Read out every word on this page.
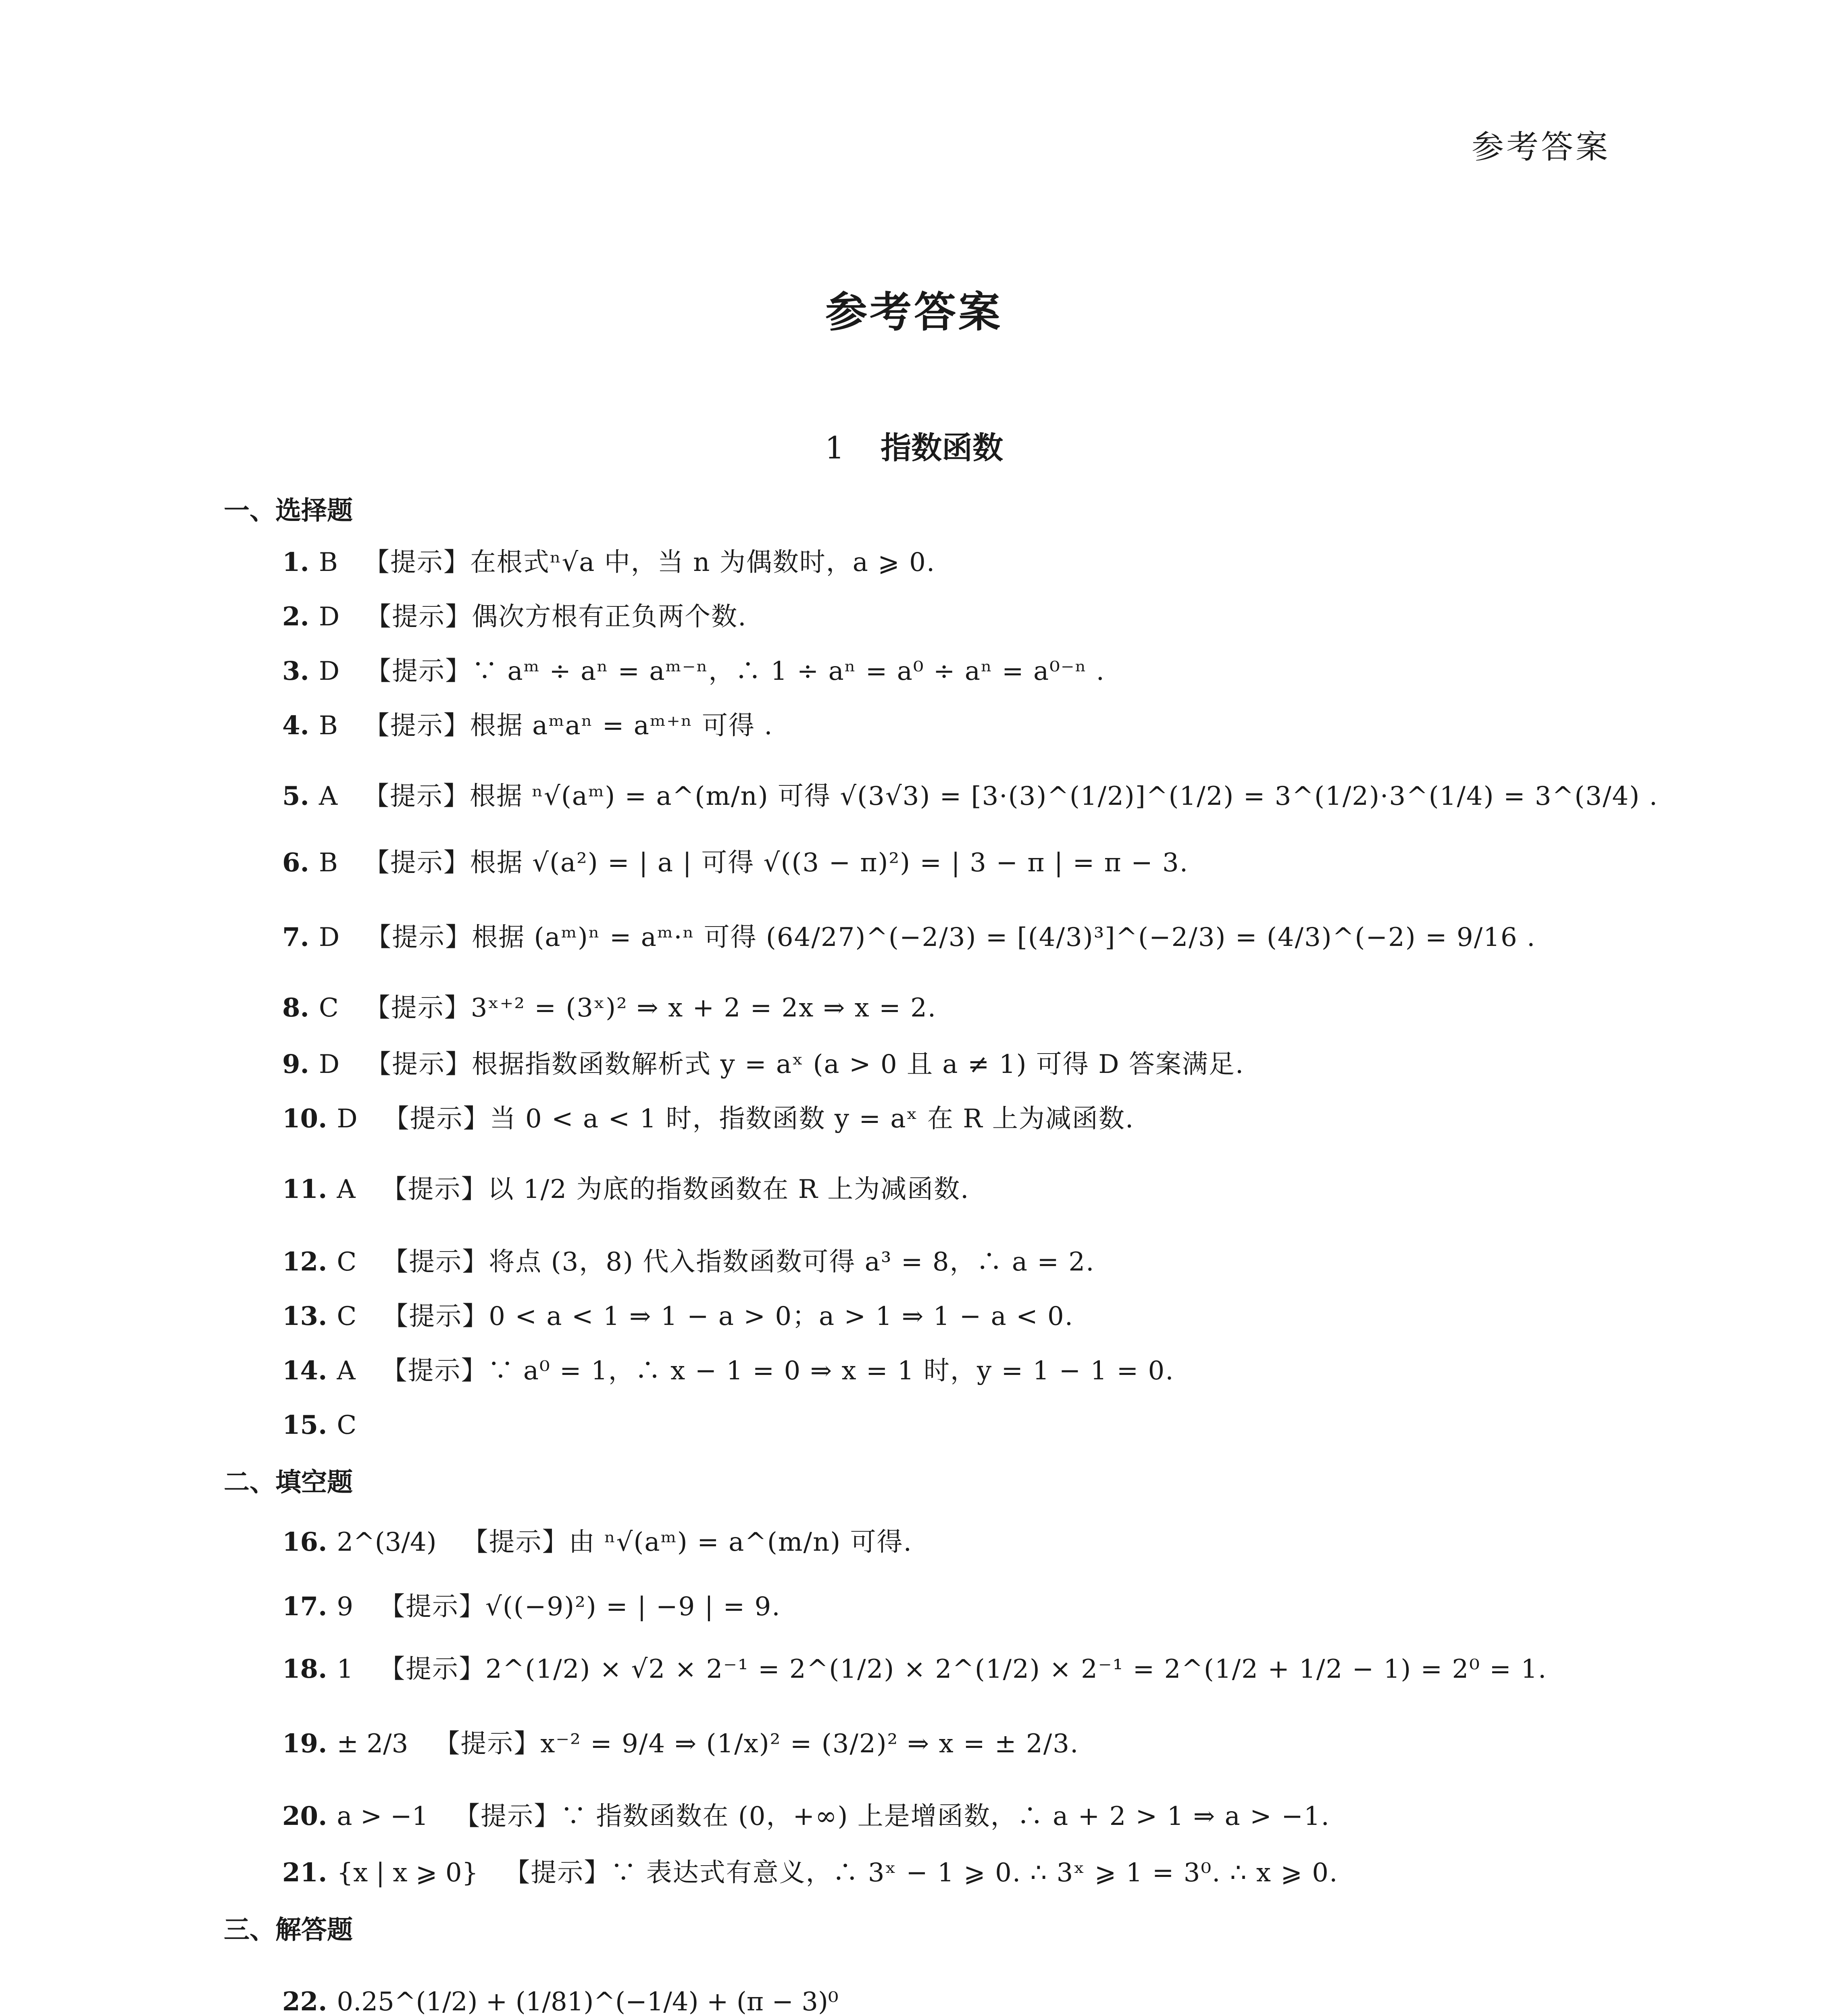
参考答案
参考答案
1 指数函数
一、选择题
1. B 【提示】在根式ⁿ√a 中，当 n 为偶数时，a ⩾ 0.
2. D 【提示】偶次方根有正负两个数.
3. D 【提示】∵ aᵐ ÷ aⁿ = aᵐ⁻ⁿ，∴ 1 ÷ aⁿ = a⁰ ÷ aⁿ = a⁰⁻ⁿ .
4. B 【提示】根据 aᵐaⁿ = aᵐ⁺ⁿ 可得 .
5. A 【提示】根据 ⁿ√(aᵐ) = a^(m/n) 可得 √(3√3) = [3·(3)^(1/2)]^(1/2) = 3^(1/2)·3^(1/4) = 3^(3/4) .
6. B 【提示】根据 √(a²) = | a | 可得 √((3 − π)²) = | 3 − π | = π − 3.
7. D 【提示】根据 (aᵐ)ⁿ = aᵐ·ⁿ 可得 (64/27)^(−2/3) = [(4/3)³]^(−2/3) = (4/3)^(−2) = 9/16 .
8. C 【提示】3ˣ⁺² = (3ˣ)² ⇒ x + 2 = 2x ⇒ x = 2.
9. D 【提示】根据指数函数解析式 y = aˣ (a > 0 且 a ≠ 1) 可得 D 答案满足.
10. D 【提示】当 0 < a < 1 时，指数函数 y = aˣ 在 R 上为减函数.
11. A 【提示】以 1/2 为底的指数函数在 R 上为减函数.
12. C 【提示】将点 (3，8) 代入指数函数可得 a³ = 8，∴ a = 2.
13. C 【提示】0 < a < 1 ⇒ 1 − a > 0；a > 1 ⇒ 1 − a < 0.
14. A 【提示】∵ a⁰ = 1，∴ x − 1 = 0 ⇒ x = 1 时，y = 1 − 1 = 0.
15. C
二、填空题
16. 2^(3/4) 【提示】由 ⁿ√(aᵐ) = a^(m/n) 可得.
17. 9 【提示】√((−9)²) = | −9 | = 9.
18. 1 【提示】2^(1/2) × √2 × 2⁻¹ = 2^(1/2) × 2^(1/2) × 2⁻¹ = 2^(1/2 + 1/2 − 1) = 2⁰ = 1.
19. ± 2/3 【提示】x⁻² = 9/4 ⇒ (1/x)² = (3/2)² ⇒ x = ± 2/3.
20. a > −1 【提示】∵ 指数函数在 (0，+∞) 上是增函数，∴ a + 2 > 1 ⇒ a > −1.
21. {x | x ⩾ 0} 【提示】∵ 表达式有意义，∴ 3ˣ − 1 ⩾ 0. ∴ 3ˣ ⩾ 1 = 3⁰. ∴ x ⩾ 0.
三、解答题
22. 0.25^(1/2) + (1/81)^(−1/4) + (π − 3)⁰
